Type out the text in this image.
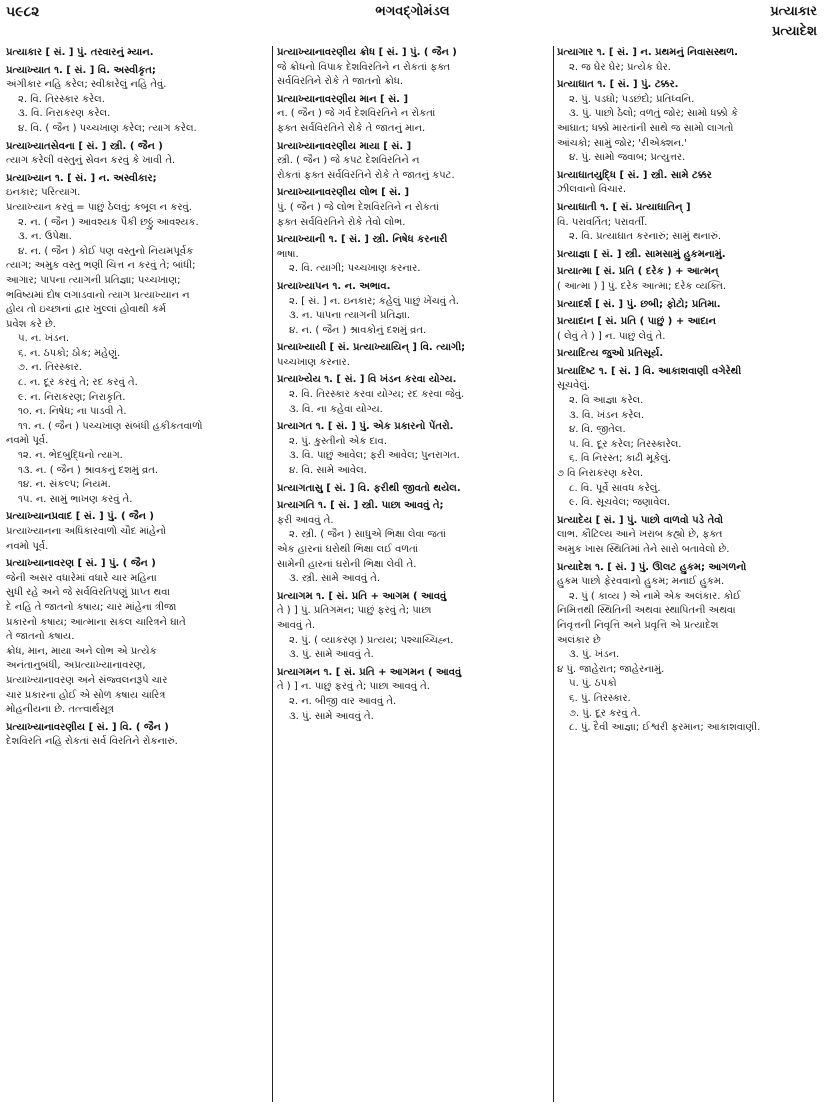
૫૯૮૨	ભગવદ્ગોમંડલ	પ્રત્યાકાર
પ્રત્યાદેશ
પ્રત્યાકાર [ સં. ] પું. તરવારનું મ્યાન.
પ્રત્યાખ્યાત ૧. [ સં. ] વિ. અસ્વીકૃત;
અંગીકાર નહિ કરેલ; સ્વીકારેલું નહિ તેવું.
૨. વિ. તિરસ્કાર કરેલ.
૩. વિ. નિરાકરણ કરેલ.
૪. વિ. ( જૈન ) પચ્ચખાણ કરેલ; ત્યાગ કરેલ.
પ્રત્યાખ્યાતસેવના [ સં. ] સ્ત્રી. ( જૈન )
ત્યાગ કરેલી વસ્તુનું સેવન કરવું કે ખાવી તે.
પ્રત્યાખ્યાન ૧. [ સં. ] ન. અસ્વીકાર;
ઇનકાર; પરિત્યાગ.
પ્રત્યાખ્યાન કરવું = પાછું ઠેલવું; કબૂલ ન કરવું.
૨. ન. ( જૈન ) આવશ્યક પૈકી છઠ્ઠું આવશ્યક.
૩. ન. ઉપેક્ષા.
૪. ન. ( જૈન ) કોઈ પણ વસ્તુનો નિયમપૂર્વક
ત્યાગ; અમુક વસ્તુ ભણી ચિત્ત ન કરવું તે; બાંધી;
આગાર; પાપના ત્યાગની પ્રતિજ્ઞા; પચ્ચખાણ;
ભવિષ્યમાં દોષ લગાડવાનો ત્યાગ પ્રત્યાખ્યાન ન
હોય તો ઇચ્છાનાં દ્વાર ખુલ્લાં હોવાથી કર્મ
પ્રવેશ કરે છે.
૫. ન. ખંડન.
૬. ન. ઠપકો; ઠોક; મહેણું.
૭. ન. તિરસ્કાર.
૮. ન. દૂર કરવું તે; રદ કરવું તે.
૯. ન. નિરાકરણ; નિરાકૃતિ.
૧૦. ન. નિષેધ; ના પાડવી તે.
૧૧. ન. ( જૈન ) પચ્ચખાણ સંબંધી હકીકતવાળો
નવમો પૂર્વ.
૧૨. ન. ભેદબુદ્ધિનો ત્યાગ.
૧૩. ન. ( જૈન ) શ્રાવકનું દશમું વ્રત.
૧૪. ન. સંકલ્પ; નિયમ.
૧૫. ન. સામું ભાખણ કરવું તે.
પ્રત્યાખ્યાનપ્રવાદ [ સં. ] પું. ( જૈન )
પ્રત્યાખ્યાનના અધિકારવાળો ચૌદ માંહેનો
નવમો પૂર્વ.
પ્રત્યાખ્યાનાવરણ [ સં. ] પું. ( જૈન )
જેની અસર વધારેમાં વધારે ચાર મહિના
સુધી રહે અને જે સર્વવિરતિપણું પ્રાપ્ત થવા
દે નહિ તે જાતનો કષાય; ચાર માંહેના ત્રીજા
પ્રકારનો કષાય; આત્માના સકલ ચારિત્રને ઘાતે
તે જાતનો કષાય.
ક્રોધ, માન, માયા અને લોભ એ પ્રત્યેક
અનંતાનુબંધી, અપ્રત્યાખ્યાનાવરણ,
પ્રત્યાખ્યાનાવરણ અને સંજ્વલનરૂપે ચાર
ચાર પ્રકારના હોઈ એ સોળ કષાય ચારિત્ર
મોહનીયના છે. તત્ત્વાર્થસૂત્ર
પ્રત્યાખ્યાનાવરણીય [ સં. ] વિ. ( જૈન )
દેશવિરતિ નહિ રોકતાં સર્વ વિરતિને રોકનારું.
પ્રત્યાખ્યાનાવરણીય ક્રોધ [ સં. ] પું. ( જૈન )
જે ક્રોધનો વિપાક દેશવિરતિને ન રોકતાં ફક્ત
સર્વવિરતિને રોકે તે જાતનો ક્રોધ.
પ્રત્યાખ્યાનાવરણીય માન [ સં. ]
ન. ( જૈન ) જે ગર્વ દેશવિરતિને ન રોકતાં
ફક્ત સર્વવિરતિને રોકે તે જાતનું માન.
પ્રત્યાખ્યાનાવરણીય માયા [ સં. ]
સ્ત્રી. ( જૈન ) જે કપટ દેશવિરતિને ન
રોકતાં ફક્ત સર્વવિરતિને રોકે તે જાતનું કપટ.
પ્રત્યાખ્યાનાવરણીય લોભ [ સં. ]
પું. ( જૈન ) જે લોભ દેશવિરતિને ન રોકતાં
ફક્ત સર્વવિરતિને રોકે તેવો લોભ.
પ્રત્યાખ્યાની ૧. [ સં. ] સ્ત્રી. નિષેધ કરનારી
ભાષા.
૨. વિ. ત્યાગી; પચ્ચખાણ કરનાર.
પ્રત્યાખ્યાપન ૧. ન. અભાવ.
૨. [ સં. ] ન. ઇનકાર; કહેલું પાછું ખેંચવું તે.
૩. ન. પાપના ત્યાગની પ્રતિજ્ઞા.
૪. ન. ( જૈન ) શ્રાવકોનું દશમું વ્રત.
પ્રત્યાખ્યાયી [ સં. પ્રત્યાખ્યાયિન્ ] વિ. ત્યાગી;
પચ્ચખાણ કરનાર.
પ્રત્યાખ્યેય ૧. [ સં. ] વિ ખંડન કરવા યોગ્ય.
૨. વિ. તિરસ્કાર કરવા યોગ્ય; રદ કરવા જેવું.
૩. વિ. ના કહેવા યોગ્ય.
પ્રત્યાગત ૧. [ સં. ] પું. એક પ્રકારનો પેંતરો.
૨. પું. કુસ્તીનો એક દાવ.
૩. વિ. પાછું આવેલ; ફરી આવેલ; પુનરાગત.
૪. વિ. સામે આવેલ.
પ્રત્યાગતાસુ [ સં. ] વિ. ફરીથી જીવતો થયેલ.
પ્રત્યાગતિ ૧. [ સં. ] સ્ત્રી. પાછા આવવું તે;
ફરી આવવું તે.
૨. સ્ત્રી. ( જૈન ) સાધુએ ભિક્ષા લેવા જતાં
એક હારનાં ઘરોથી ભિક્ષા લઈ વળતાં
સામેની હારનાં ઘરોની ભિક્ષા લેવી તે.
૩. સ્ત્રી. સામે આવવું તે.
પ્રત્યાગમ ૧. [ સં. પ્રતિ + આગમ ( આવવું
તે ) ] પું. પ્રતિગમન; પાછું ફરવું તે; પાછા
આવવું તે.
૨. પું. ( વ્યાકરણ ) પ્રત્યય; પશ્ચાચ્ચિહ્ન.
૩. પું. સામે આવવું તે.
પ્રત્યાગમન ૧. [ સં. પ્રતિ + આગમન ( આવવું
તે ) ] ન. પાછું ફરવું તે; પાછા આવવું તે.
૨. ન. બીજી વાર આવવું તે.
૩. પું. સામે આવવું તે.
પ્રત્યાગાર ૧. [ સં. ] ન. પ્રથમનું નિવાસસ્થળ.
૨. જ ઘેર ઘેર; પ્રત્યેક ઘેર.
પ્રત્યાઘાત ૧. [ સં. ] પું. ટક્કર.
૨. પું. પડઘો; પડછંદો; પ્રતિધ્વનિ.
૩. પું. પાછો ઠેલો; વળતું જોર; સામો ધક્કો કે
આઘાત; ધક્કો મારતાંની સાથે જ સામો લાગતો
આંચકો; સામું જોર; 'રીએક્શન.'
૪. પું. સામો જવાબ; પ્રત્યુત્તર.
પ્રત્યાઘાતયુદ્ધિ [ સં. ] સ્ત્રી. સામે ટક્કર
ઝીલવાનો વિચાર.
પ્રત્યાઘાતી ૧. [ સં. પ્રત્યાઘાતિન્ ]
વિ. પરાવર્તિત; પરાવર્તી.
૨. વિ. પ્રત્યાઘાત કરનારું; સામું થનારું.
પ્રત્યાજ્ઞા [ સં. ] સ્ત્રી. સામસામું હુકમનામું.
પ્રત્યાત્મા [ સં. પ્રતિ ( દરેક ) + આત્મન્
( આત્મા ) ] પું. દરેક આત્મા; દરેક વ્યક્તિ.
પ્રત્યાદર્શ [ સં. ] પું. છબી; ફોટો; પ્રતિમા.
પ્રત્યાદાન [ સં. પ્રતિ ( પાછું ) + આદાન
( લેવું તે ) ] ન. પાછું લેવું તે.
પ્રત્યાદિત્ય જુઓ પ્રતિસૂર્ય.
પ્રત્યાદિષ્ટ ૧. [ સં. ] વિ. આકાશવાણી વગેરેથી
સૂચવેલું.
૨. વિ આજ્ઞા કરેલ.
૩. વિ. ખંડન કરેલ.
૪. વિ. જીતેલ.
૫. વિ. દૂર કરેલ; તિરસ્કારેલ.
૬. વિ નિરસ્ત; કાઢી મૂકેલું.
૭ વિ નિરાકરણ કરેલ.
૮. વિ. પૂર્વે સાવધ કરેલું.
૯. વિ. સૂચવેલ; જણાવેલ.
પ્રત્યાદેય [ સં. ] પું. પાછો વાળવો પડે તેવો
લાભ. કૌટિલ્ય આને ખરાબ કહ્યો છે, ફક્ત
અમુક ખાસ સ્થિતિમાં તેને સારો બતાવેલો છે.
પ્રત્યાદેશ ૧. [ સં. ] પું. ઊલટ હુકમ; આગળનો
હુકમ પાછો ફેરવવાનો હુકમ; મનાઈ હુકમ.
૨. પું ( કાવ્ય ) એ નામે એક અલંકાર. કોઈ
નિમિત્તથી સ્થિતિની અથવા સ્થાપિતની અથવા
નિવૃત્તની નિવૃત્તિ અને પ્રવૃત્તિ એ પ્રત્યાદેશ
અલંકાર છે
૩. પું. ખંડન.
૪ પું. જાહેરાત; જાહેરનામું.
૫. પું. ઠપકો
૬. પું. તિરસ્કાર.
૭. પું. દૂર કરવું તે.
૮. પું. દૈવી આજ્ઞા; ઈશ્વરી ફરમાન; આકાશવાણી.
